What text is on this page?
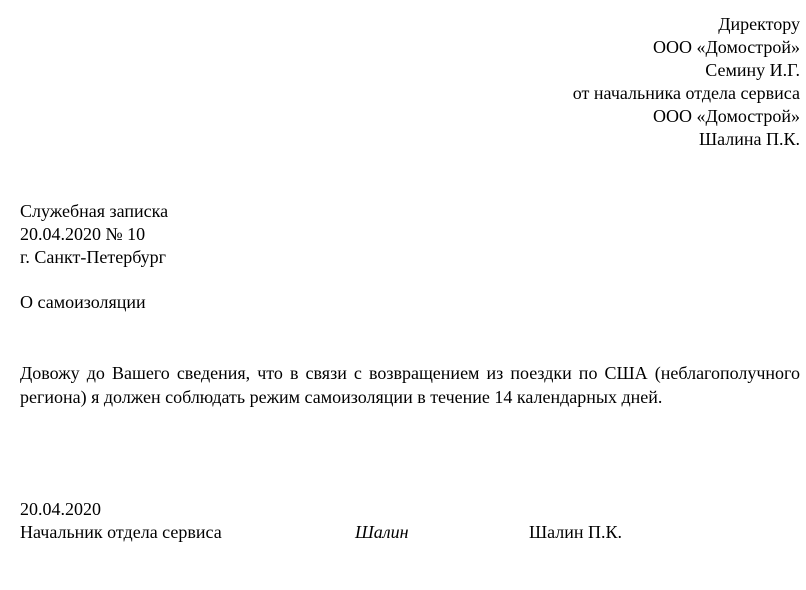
Директору
ООО «Домострой»
Семину И.Г.
от начальника отдела сервиса
ООО «Домострой»
Шалина П.К.
Служебная записка
20.04.2020 № 10
г. Санкт-Петербург
О самоизоляции
Довожу до Вашего сведения, что в связи с возвращением из поездки по США (неблагополучного региона) я должен соблюдать режим самоизоляции в течение 14 календарных дней.
20.04.2020
Начальник отдела сервиса	Шалин	Шалин П.К.
